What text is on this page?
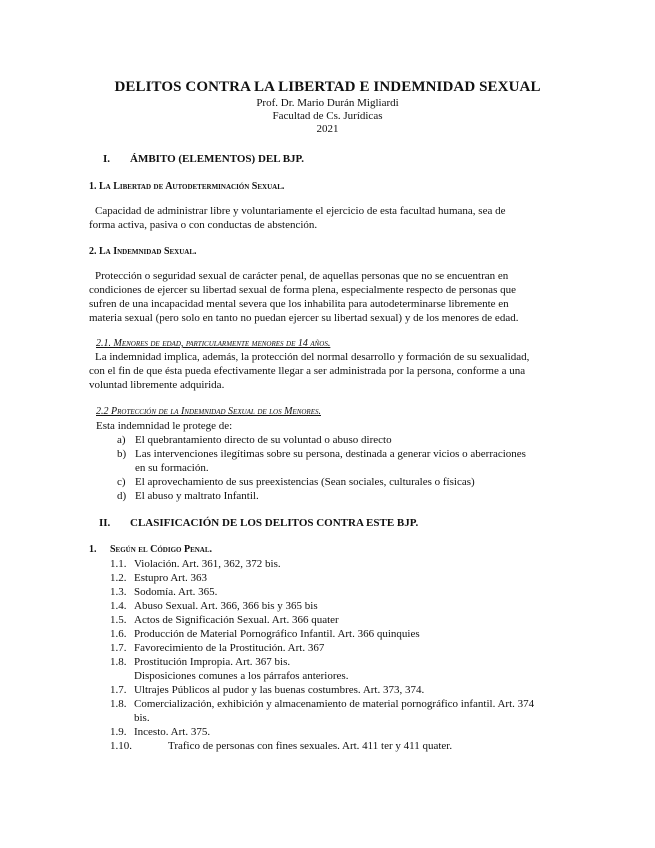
DELITOS CONTRA LA LIBERTAD E INDEMNIDAD SEXUAL
Prof. Dr. Mario Durán Migliardi
Facultad de Cs. Jurídicas
2021
I. ÁMBITO (ELEMENTOS) DEL BJP.
1. La Libertad de Autodeterminación Sexual.
Capacidad de administrar libre y voluntariamente el ejercicio de esta facultad humana, sea de
forma activa, pasiva o con conductas de abstención.
2. La Indemnidad Sexual.
Protección o seguridad sexual de carácter penal, de aquellas personas que no se encuentran en
condiciones de ejercer su libertad sexual de forma plena, especialmente respecto de personas que
sufren de una incapacidad mental severa que los inhabilita para autodeterminarse libremente en
materia sexual (pero solo en tanto no puedan ejercer su libertad sexual) y de los menores de edad.
2.1. Menores de edad, particularmente menores de 14 años.
La indemnidad implica, además, la protección del normal desarrollo y formación de su sexualidad,
con el fin de que ésta pueda efectivamente llegar a ser administrada por la persona, conforme a una
voluntad libremente adquirida.
2.2 Protección de la Indemnidad Sexual de los Menores.
Esta indemnidad le protege de:
a) El quebrantamiento directo de su voluntad o abuso directo
b) Las intervenciones ilegítimas sobre su persona, destinada a generar vicios o aberraciones
en su formación.
c) El aprovechamiento de sus preexistencias (Sean sociales, culturales o físicas)
d) El abuso y maltrato Infantil.
II. CLASIFICACIÓN DE LOS DELITOS CONTRA ESTE BJP.
1. Según el Código Penal.
1.1. Violación. Art. 361, 362, 372 bis.
1.2. Estupro Art. 363
1.3. Sodomía. Art. 365.
1.4. Abuso Sexual. Art. 366, 366 bis y 365 bis
1.5. Actos de Significación Sexual. Art. 366 quater
1.6. Producción de Material Pornográfico Infantil. Art. 366 quinquies
1.7. Favorecimiento de la Prostitución. Art. 367
1.8. Prostitución Impropia. Art. 367 bis.
Disposiciones comunes a los párrafos anteriores.
1.7. Ultrajes Públicos al pudor y las buenas costumbres. Art. 373, 374.
1.8. Comercialización, exhibición y almacenamiento de material pornográfico infantil. Art. 374
bis.
1.9. Incesto. Art. 375.
1.10.	Trafico de personas con fines sexuales. Art. 411 ter y 411 quater.
